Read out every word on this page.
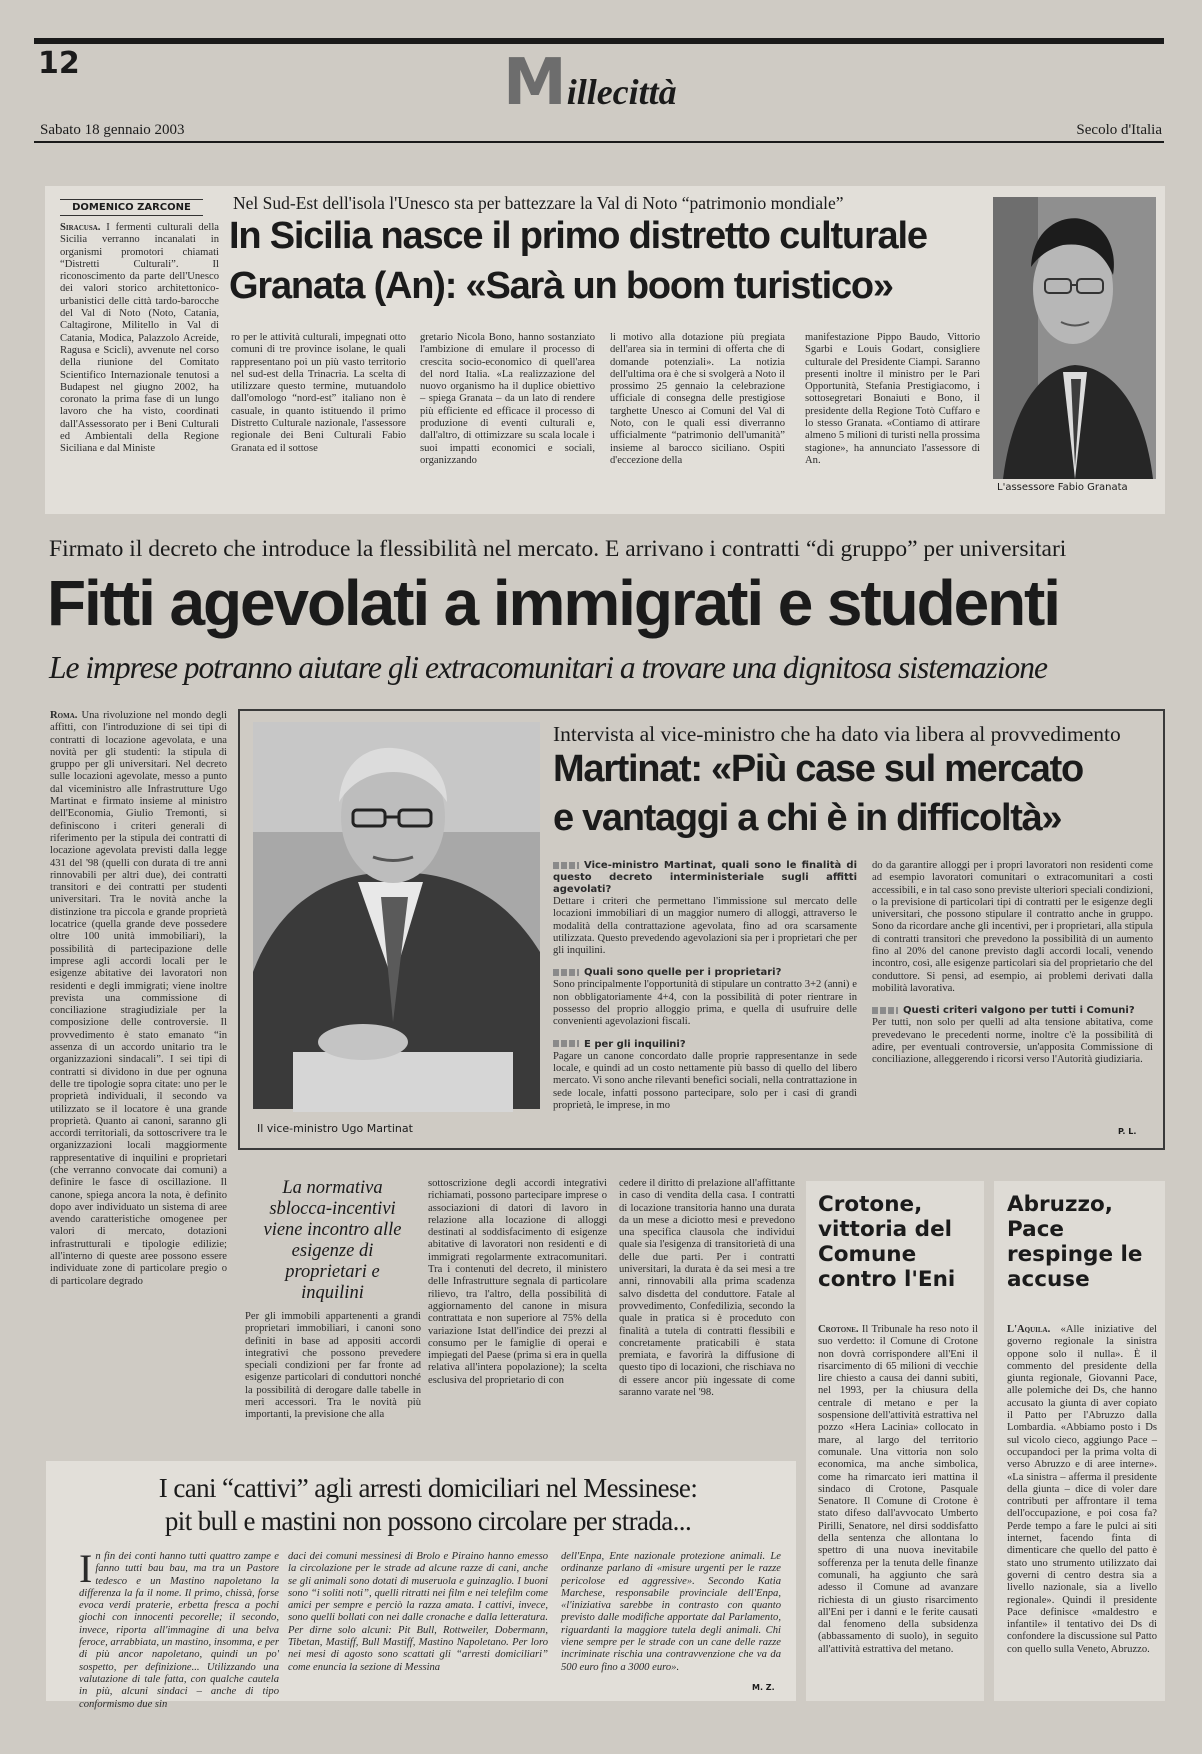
12	Millecittà
Sabato 18 gennaio 2003	Secolo d'Italia
DOMENICO ZARCONE	Nel Sud-Est dell'isola l'Unesco sta per battezzare la Val di Noto “patrimonio mondiale”
In Sicilia nasce il primo distretto culturale
Granata (An): «Sarà un boom turistico»
Siracusa. I fermenti culturali della Sicilia verranno incanalati in organismi promotori chiamati “Distretti Culturali”. Il riconoscimento da parte dell'Unesco dei valori storico architettonico-urbanistici delle città tardo-barocche del Val di Noto (Noto, Catania, Caltagirone, Militello in Val di Catania, Modica, Palazzolo Acreide, Ragusa e Scicli), avvenute nel corso della riunione del Comitato Scientifico Internazionale tenutosi a Budapest nel giugno 2002, ha coronato la prima fase di un lungo lavoro che ha visto, coordinati dall'Assessorato per i Beni Culturali ed Ambientali della Regione Siciliana e dal Ministe
ro per le attività culturali, impegnati otto comuni di tre province isolane, le quali rappresentano poi un più vasto territorio nel sud-est della Trinacria. La scelta di utilizzare questo termine, mutuandolo dall'omologo “nord-est” italiano non è casuale, in quanto istituendo il primo Distretto Culturale nazionale, l'assessore regionale dei Beni Culturali Fabio Granata ed il sottose
gretario Nicola Bono, hanno sostanziato l'ambizione di emulare il processo di crescita socio-economico di quell'area del nord Italia. «La realizzazione del nuovo organismo ha il duplice obiettivo – spiega Granata – da un lato di rendere più efficiente ed efficace il processo di produzione di eventi culturali e, dall'altro, di ottimizzare su scala locale i suoi impatti economici e sociali, organizzando
li motivo alla dotazione più pregiata dell'area sia in termini di offerta che di domande potenziali». La notizia dell'ultima ora è che si svolgerà a Noto il prossimo 25 gennaio la celebrazione ufficiale di consegna delle prestigiose targhette Unesco ai Comuni del Val di Noto, con le quali essi diverranno ufficialmente “patrimonio dell'umanità” insieme al barocco siciliano. Ospiti d'eccezione della
manifestazione Pippo Baudo, Vittorio Sgarbi e Louis Godart, consigliere culturale del Presidente Ciampi. Saranno presenti inoltre il ministro per le Pari Opportunità, Stefania Prestigiacomo, i sottosegretari Bonaiuti e Bono, il presidente della Regione Totò Cuffaro e lo stesso Granata. «Contiamo di attirare almeno 5 milioni di turisti nella prossima stagione», ha annunciato l'assessore di An.
L'assessore Fabio Granata
Firmato il decreto che introduce la flessibilità nel mercato. E arrivano i contratti “di gruppo” per universitari
Fitti agevolati a immigrati e studenti
Le imprese potranno aiutare gli extracomunitari a trovare una dignitosa sistemazione
Roma. Una rivoluzione nel mondo degli affitti, con l'introduzione di sei tipi di contratti di locazione agevolata, e una novità per gli studenti: la stipula di gruppo per gli universitari. Nel decreto sulle locazioni agevolate, messo a punto dal viceministro alle Infrastrutture Ugo Martinat e firmato insieme al ministro dell'Economia, Giulio Tremonti, si definiscono i criteri generali di riferimento per la stipula dei contratti di locazione agevolata previsti dalla legge 431 del '98 (quelli con durata di tre anni rinnovabili per altri due), dei contratti transitori e dei contratti per studenti universitari. Tra le novità anche la distinzione tra piccola e grande proprietà locatrice (quella grande deve possedere oltre 100 unità immobiliari), la possibilità di partecipazione delle imprese agli accordi locali per le esigenze abitative dei lavoratori non residenti e degli immigrati; viene inoltre prevista una commissione di conciliazione stragiudiziale per la composizione delle controversie. Il provvedimento è stato emanato “in assenza di un accordo unitario tra le organizzazioni sindacali”. I sei tipi di contratti si dividono in due per ognuna delle tre tipologie sopra citate: uno per le proprietà individuali, il secondo va utilizzato se il locatore è una grande proprietà. Quanto ai canoni, saranno gli accordi territoriali, da sottoscrivere tra le organizzazioni locali maggiormente rappresentative di inquilini e proprietari (che verranno convocate dai comuni) a definire le fasce di oscillazione. Il canone, spiega ancora la nota, è definito dopo aver individuato un sistema di aree avendo caratteristiche omogenee per valori di mercato, dotazioni infrastrutturali e tipologie edilizie; all'interno di queste aree possono essere individuate zone di particolare pregio o di particolare degrado
Il vice-ministro Ugo Martinat
Intervista al vice-ministro che ha dato via libera al provvedimento
Martinat: «Più case sul mercato
e vantaggi a chi è in difficoltà»

Vice-ministro Martinat, quali sono le finalità di questo decreto interministeriale sugli affitti agevolati?

Dettare i criteri che permettano l'immissione sul mercato delle locazioni immobiliari di un maggior numero di alloggi, attraverso le modalità della contrattazione agevolata, fino ad ora scarsamente utilizzata. Questo prevedendo agevolazioni sia per i proprietari che per gli inquilini.

Quali sono quelle per i proprietari?

Sono principalmente l'opportunità di stipulare un contratto 3+2 (anni) e non obbligatoriamente 4+4, con la possibilità di poter rientrare in possesso del proprio alloggio prima, e quella di usufruire delle convenienti agevolazioni fiscali.

E per gli inquilini?

Pagare un canone concordato dalle proprie rappresentanze in sede locale, e quindi ad un costo nettamente più basso di quello del libero mercato. Vi sono anche rilevanti benefici sociali, nella contrattazione in sede locale, infatti possono partecipare, solo per i casi di grandi proprietà, le imprese, in mo

do da garantire alloggi per i propri lavoratori non residenti come ad esempio lavoratori comunitari o extracomunitari a costi accessibili, e in tal caso sono previste ulteriori speciali condizioni, o la previsione di particolari tipi di contratti per le esigenze degli universitari, che possono stipulare il contratto anche in gruppo. Sono da ricordare anche gli incentivi, per i proprietari, alla stipula di contratti transitori che prevedono la possibilità di un aumento fino al 20% del canone previsto dagli accordi locali, venendo incontro, così, alle esigenze particolari sia del proprietario che del conduttore. Si pensi, ad esempio, ai problemi derivati dalla mobilità lavorativa.

Questi criteri valgono per tutti i Comuni?

Per tutti, non solo per quelli ad alta tensione abitativa, come prevedevano le precedenti norme, inoltre c'è la possibilità di adire, per eventuali controversie, un'apposita Commissione di conciliazione, alleggerendo i ricorsi verso l'Autorità giudiziaria.

P. L.
La normativa sblocca-incentivi viene incontro alle esigenze di proprietari e inquilini
Per gli immobili appartenenti a grandi proprietari immobiliari, i canoni sono definiti in base ad appositi accordi integrativi che possono prevedere speciali condizioni per far fronte ad esigenze particolari di conduttori nonché la possibilità di derogare dalle tabelle in meri accessori. Tra le novità più importanti, la previsione che alla
sottoscrizione degli accordi integrativi richiamati, possono partecipare imprese o associazioni di datori di lavoro in relazione alla locazione di alloggi destinati al soddisfacimento di esigenze abitative di lavoratori non residenti e di immigrati regolarmente extracomunitari. Tra i contenuti del decreto, il ministero delle Infrastrutture segnala di particolare rilievo, tra l'altro, della possibilità di aggiornamento del canone in misura contrattata e non superiore al 75% della variazione Istat dell'indice dei prezzi al consumo per le famiglie di operai e impiegati del Paese (prima si era in quella relativa all'intera popolazione); la scelta esclusiva del proprietario di con
cedere il diritto di prelazione all'affittante in caso di vendita della casa. I contratti di locazione transitoria hanno una durata da un mese a diciotto mesi e prevedono una specifica clausola che individui quale sia l'esigenza di transitorietà di una delle due parti. Per i contratti universitari, la durata è da sei mesi a tre anni, rinnovabili alla prima scadenza salvo disdetta del conduttore. Fatale al provvedimento, Confedilizia, secondo la quale in pratica si è proceduto con finalità a tutela di contratti flessibili e concretamente praticabili è stata premiata, e favorirà la diffusione di questo tipo di locazioni, che rischiava no di essere ancor più ingessate di come saranno varate nel '98.
Crotone, vittoria del Comune contro l'Eni
Crotone. Il Tribunale ha reso noto il suo verdetto: il Comune di Crotone non dovrà corrispondere all'Eni il risarcimento di 65 milioni di vecchie lire chiesto a causa dei danni subiti, nel 1993, per la chiusura della centrale di metano e per la sospensione dell'attività estrattiva nel pozzo «Hera Lacinia» collocato in mare, al largo del territorio comunale. Una vittoria non solo economica, ma anche simbolica, come ha rimarcato ieri mattina il sindaco di Crotone, Pasquale Senatore. Il Comune di Crotone è stato difeso dall'avvocato Umberto Pirilli, Senatore, nel dirsi soddisfatto della sentenza che allontana lo spettro di una nuova inevitabile sofferenza per la tenuta delle finanze comunali, ha aggiunto che sarà adesso il Comune ad avanzare richiesta di un giusto risarcimento all'Eni per i danni e le ferite causati dal fenomeno della subsidenza (abbassamento di suolo), in seguito all'attività estrattiva del metano.
Abruzzo, Pace respinge le accuse
L'Aquila. «Alle iniziative del governo regionale la sinistra oppone solo il nulla». È il commento del presidente della giunta regionale, Giovanni Pace, alle polemiche dei Ds, che hanno accusato la giunta di aver copiato il Patto per l'Abruzzo dalla Lombardia. «Abbiamo posto i Ds sul vicolo cieco, aggiungo Pace – occupandoci per la prima volta di verso Abruzzo e di aree interne». «La sinistra – afferma il presidente della giunta – dice di voler dare contributi per affrontare il tema dell'occupazione, e poi cosa fa? Perde tempo a fare le pulci ai siti internet, facendo finta di dimenticare che quello del patto è stato uno strumento utilizzato dai governi di centro destra sia a livello nazionale, sia a livello regionale». Quindi il presidente Pace definisce «maldestro e infantile» il tentativo dei Ds di confondere la discussione sul Patto con quello sulla Veneto, Abruzzo.
I cani “cattivi” agli arresti domiciliari nel Messinese:
pit bull e mastini non possono circolare per strada...
In fin dei conti hanno tutti quattro zampe e fanno tutti bau bau, ma tra un Pastore tedesco e un Mastino napoletano la differenza la fa il nome. Il primo, chissà, forse evoca verdi praterie, erbetta fresca a pochi giochi con innocenti pecorelle; il secondo, invece, riporta all'immagine di una belva feroce, arrabbiata, un mastino, insomma, e per di più ancor napoletano, quindi un po' sospetto, per definizione... Utilizzando una valutazione di tale fatta, con qualche cautela in più, alcuni sindaci – anche di tipo conformismo due sin
daci dei comuni messinesi di Brolo e Piraino hanno emesso la circolazione per le strade ad alcune razze di cani, anche se gli animali sono dotati di museruola e guinzaglio. I buoni sono “i soliti noti”, quelli ritratti nei film e nei telefilm come amici per sempre e perciò la razza amata. I cattivi, invece, sono quelli bollati con nei dalle cronache e dalla letteratura. Per dirne solo alcuni: Pit Bull, Rottweiler, Dobermann, Tibetan, Mastiff, Bull Mastiff, Mastino Napoletano. Per loro nei mesi di agosto sono scattati gli “arresti domiciliari” come enuncia la sezione di Messina
dell'Enpa, Ente nazionale protezione animali. Le ordinanze parlano di «misure urgenti per le razze pericolose ed aggressive». Secondo Katia Marchese, responsabile provinciale dell'Enpa, «l'iniziativa sarebbe in contrasto con quanto previsto dalle modifiche apportate dal Parlamento, riguardanti la maggiore tutela degli animali. Chi viene sempre per le strade con un cane delle razze incriminate rischia una contravvenzione che va da 500 euro fino a 3000 euro».
M. Z.
